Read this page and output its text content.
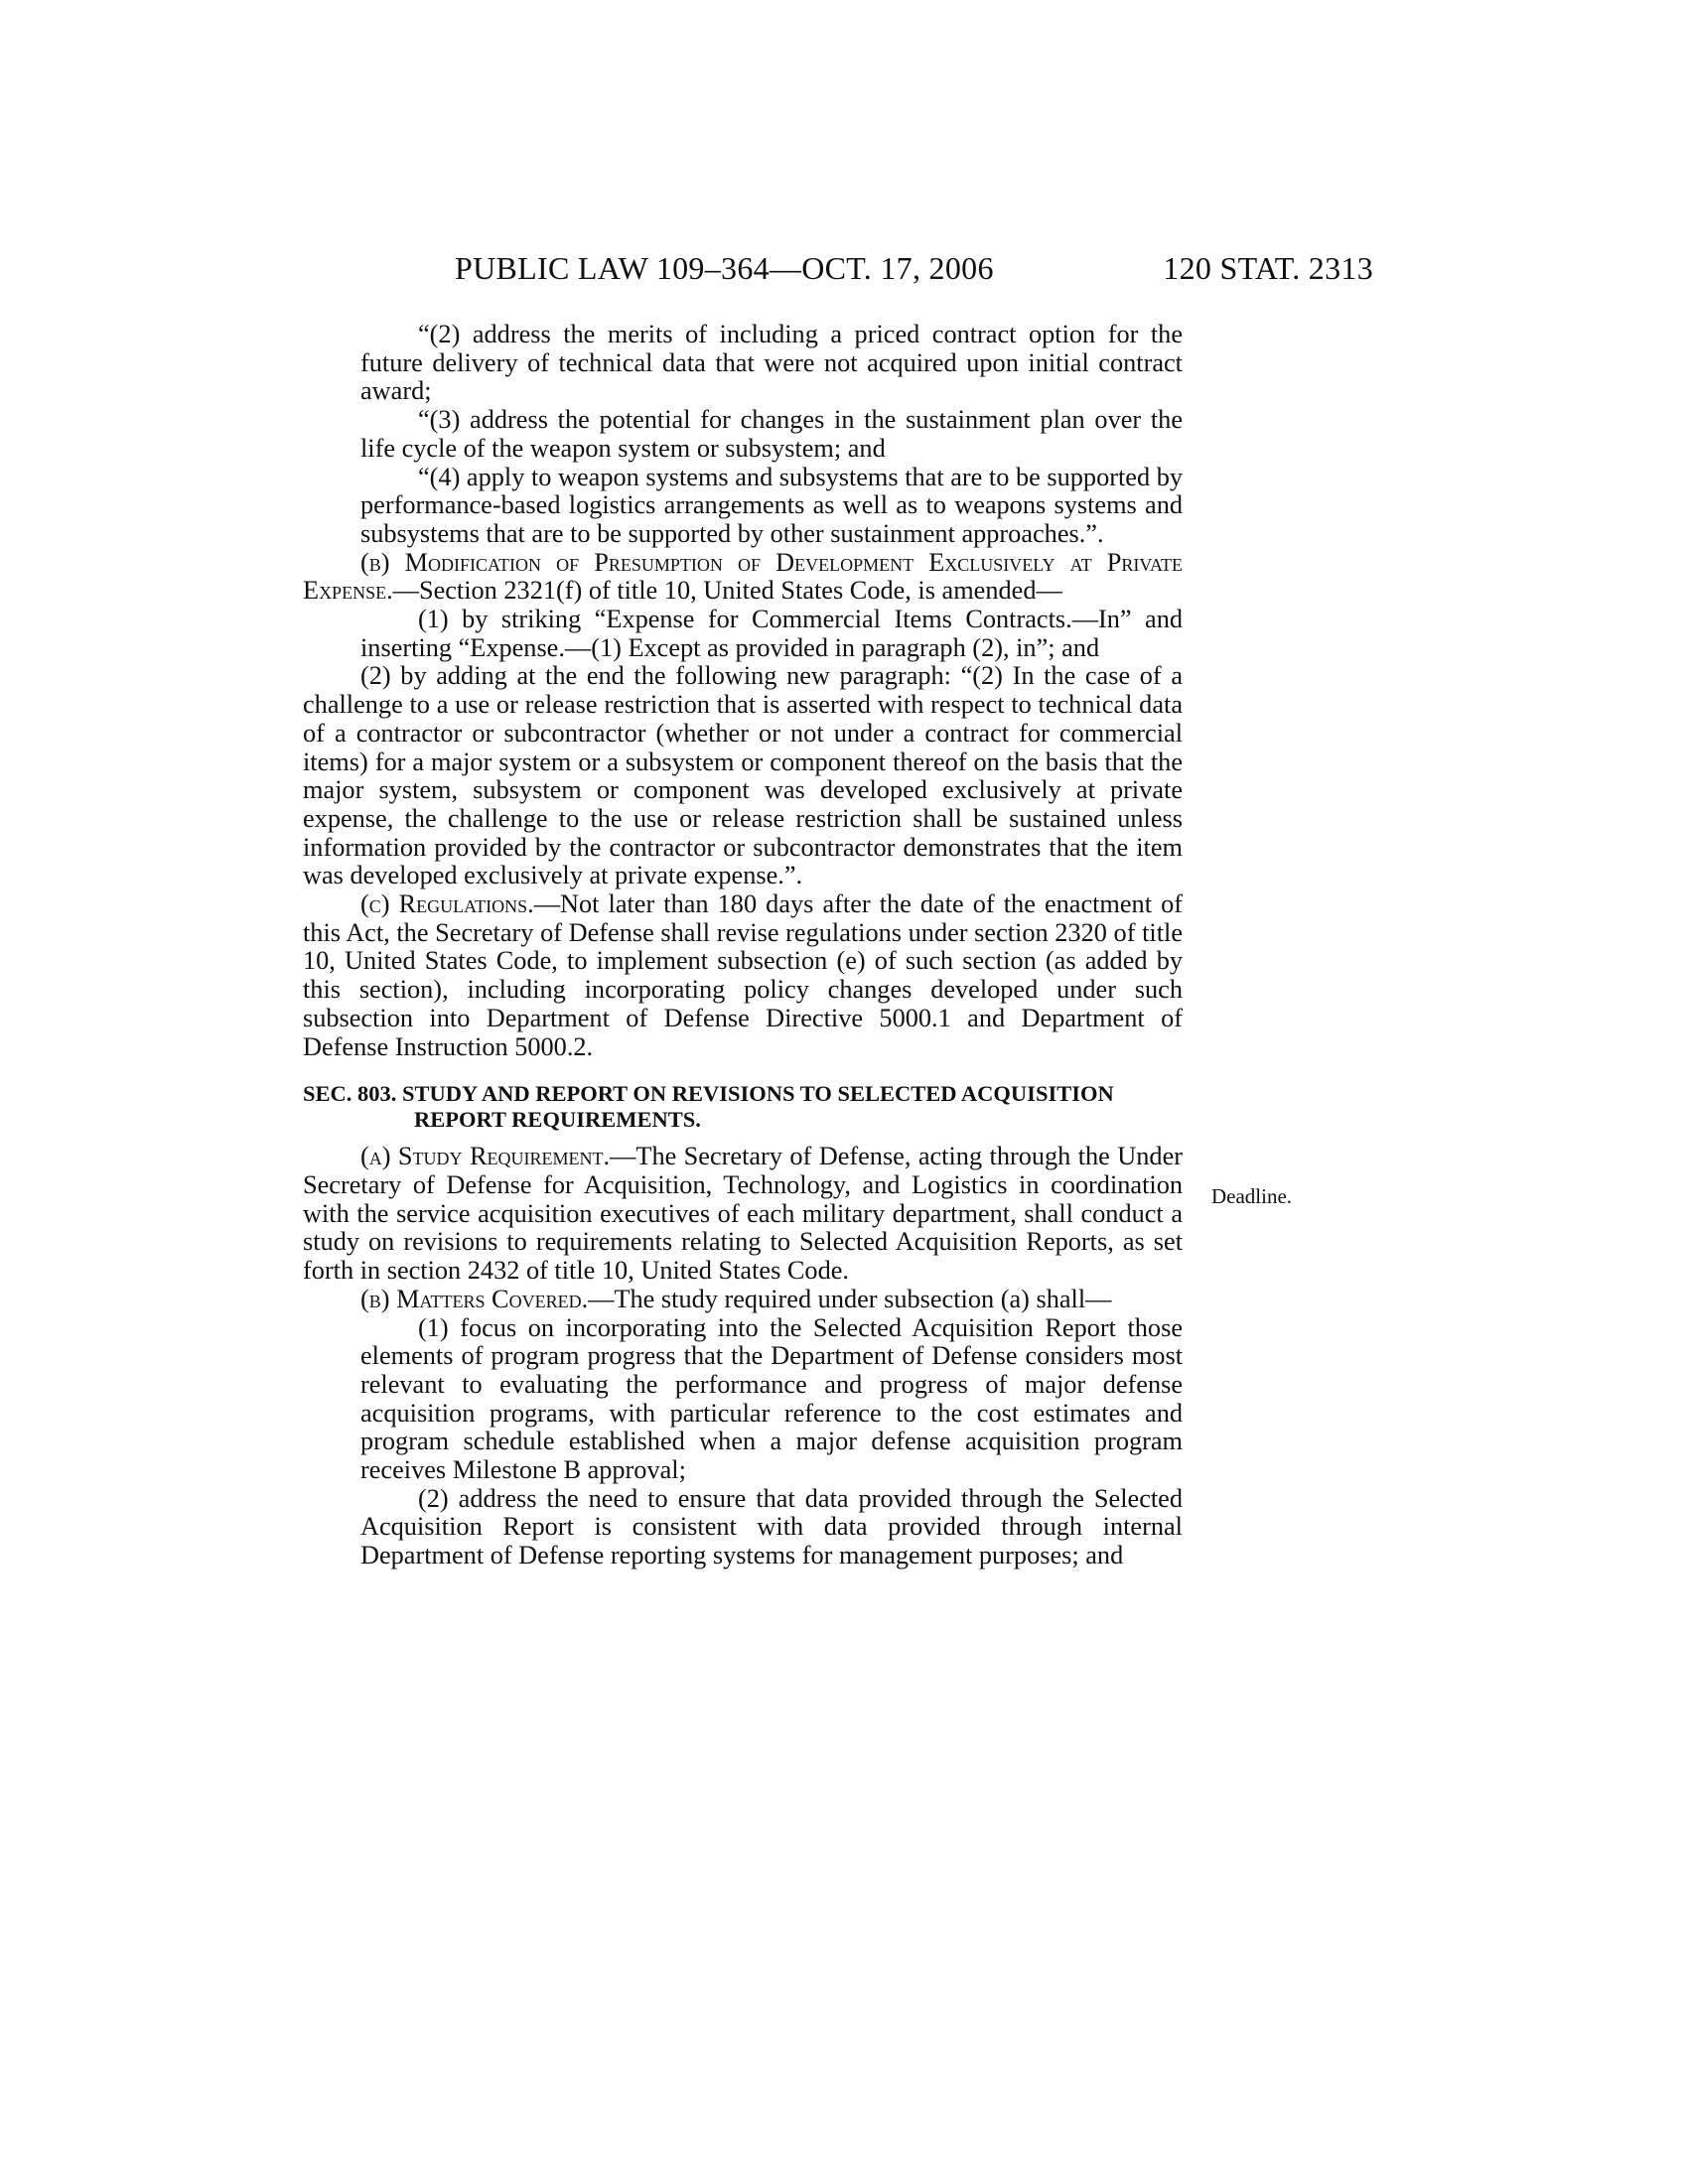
PUBLIC LAW 109–364—OCT. 17, 2006	120 STAT. 2313

“(2) address the merits of including a priced contract option for the future delivery of technical data that were not acquired upon initial contract award;

“(3) address the potential for changes in the sustainment plan over the life cycle of the weapon system or subsystem; and

“(4) apply to weapon systems and subsystems that are to be supported by performance-based logistics arrangements as well as to weapons systems and subsystems that are to be supported by other sustainment approaches.”.

(b) Modification of Presumption of Development Exclusively at Private Expense.—Section 2321(f) of title 10, United States Code, is amended—

(1) by striking “Expense for Commercial Items Contracts.—In” and inserting “Expense.—(1) Except as provided in paragraph (2), in”; and

(2) by adding at the end the following new paragraph: “(2) In the case of a challenge to a use or release restriction that is asserted with respect to technical data of a contractor or subcontractor (whether or not under a contract for commercial items) for a major system or a subsystem or component thereof on the basis that the major system, subsystem or component was developed exclusively at private expense, the challenge to the use or release restriction shall be sustained unless information provided by the contractor or subcontractor demonstrates that the item was developed exclusively at private expense.”.

(c) Regulations.—Not later than 180 days after the date of the enactment of this Act, the Secretary of Defense shall revise regulations under section 2320 of title 10, United States Code, to implement subsection (e) of such section (as added by this section), including incorporating policy changes developed under such subsection into Department of Defense Directive 5000.1 and Department of Defense Instruction 5000.2.

SEC. 803. STUDY AND REPORT ON REVISIONS TO SELECTED ACQUISITION REPORT REQUIREMENTS.

(a) Study Requirement.—The Secretary of Defense, acting through the Under Secretary of Defense for Acquisition, Technology, and Logistics in coordination with the service acquisition executives of each military department, shall conduct a study on revisions to requirements relating to Selected Acquisition Reports, as set forth in section 2432 of title 10, United States Code.

(b) Matters Covered.—The study required under subsection (a) shall—

(1) focus on incorporating into the Selected Acquisition Report those elements of program progress that the Department of Defense considers most relevant to evaluating the performance and progress of major defense acquisition programs, with particular reference to the cost estimates and program schedule established when a major defense acquisition program receives Milestone B approval;

(2) address the need to ensure that data provided through the Selected Acquisition Report is consistent with data provided through internal Department of Defense reporting systems for management purposes; and

Deadline.
